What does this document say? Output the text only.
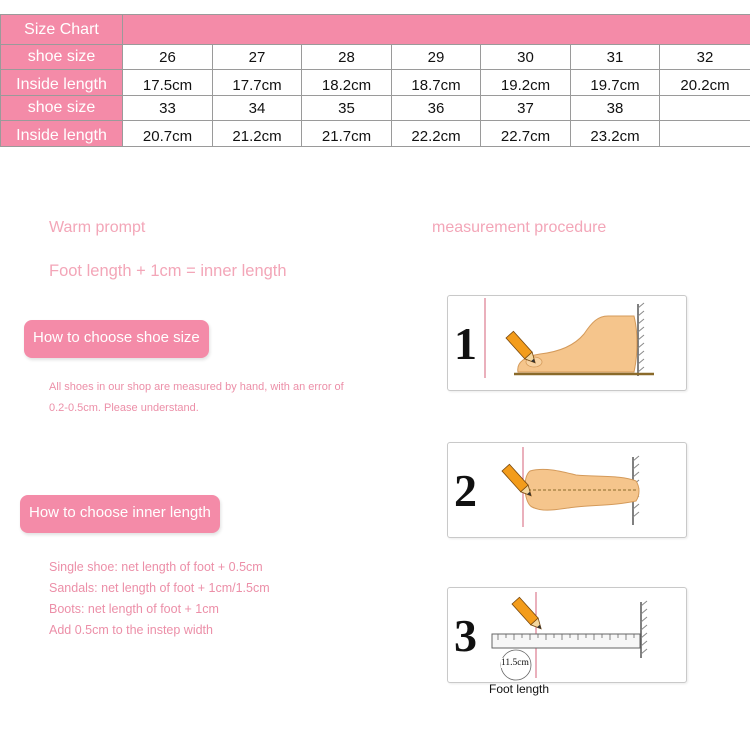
Size Chart							
shoe size	26	27	28	29	30	31	32
Inside length	17.5cm	17.7cm	18.2cm	18.7cm	19.2cm	19.7cm	20.2cm
shoe size	33	34	35	36	37	38	
Inside length	20.7cm	21.2cm	21.7cm	22.2cm	22.7cm	23.2cm	
Warm prompt
Foot length + 1cm = inner length
How to choose shoe size
All shoes in our shop are measured by hand, with an error of
0.2-0.5cm. Please understand.
How to choose inner length
Single shoe: net length of foot + 0.5cm
Sandals: net length of foot + 1cm/1.5cm
Boots: net length of foot + 1cm
Add 0.5cm to the instep width
measurement procedure
1
2
3
11.5cm
Foot length
